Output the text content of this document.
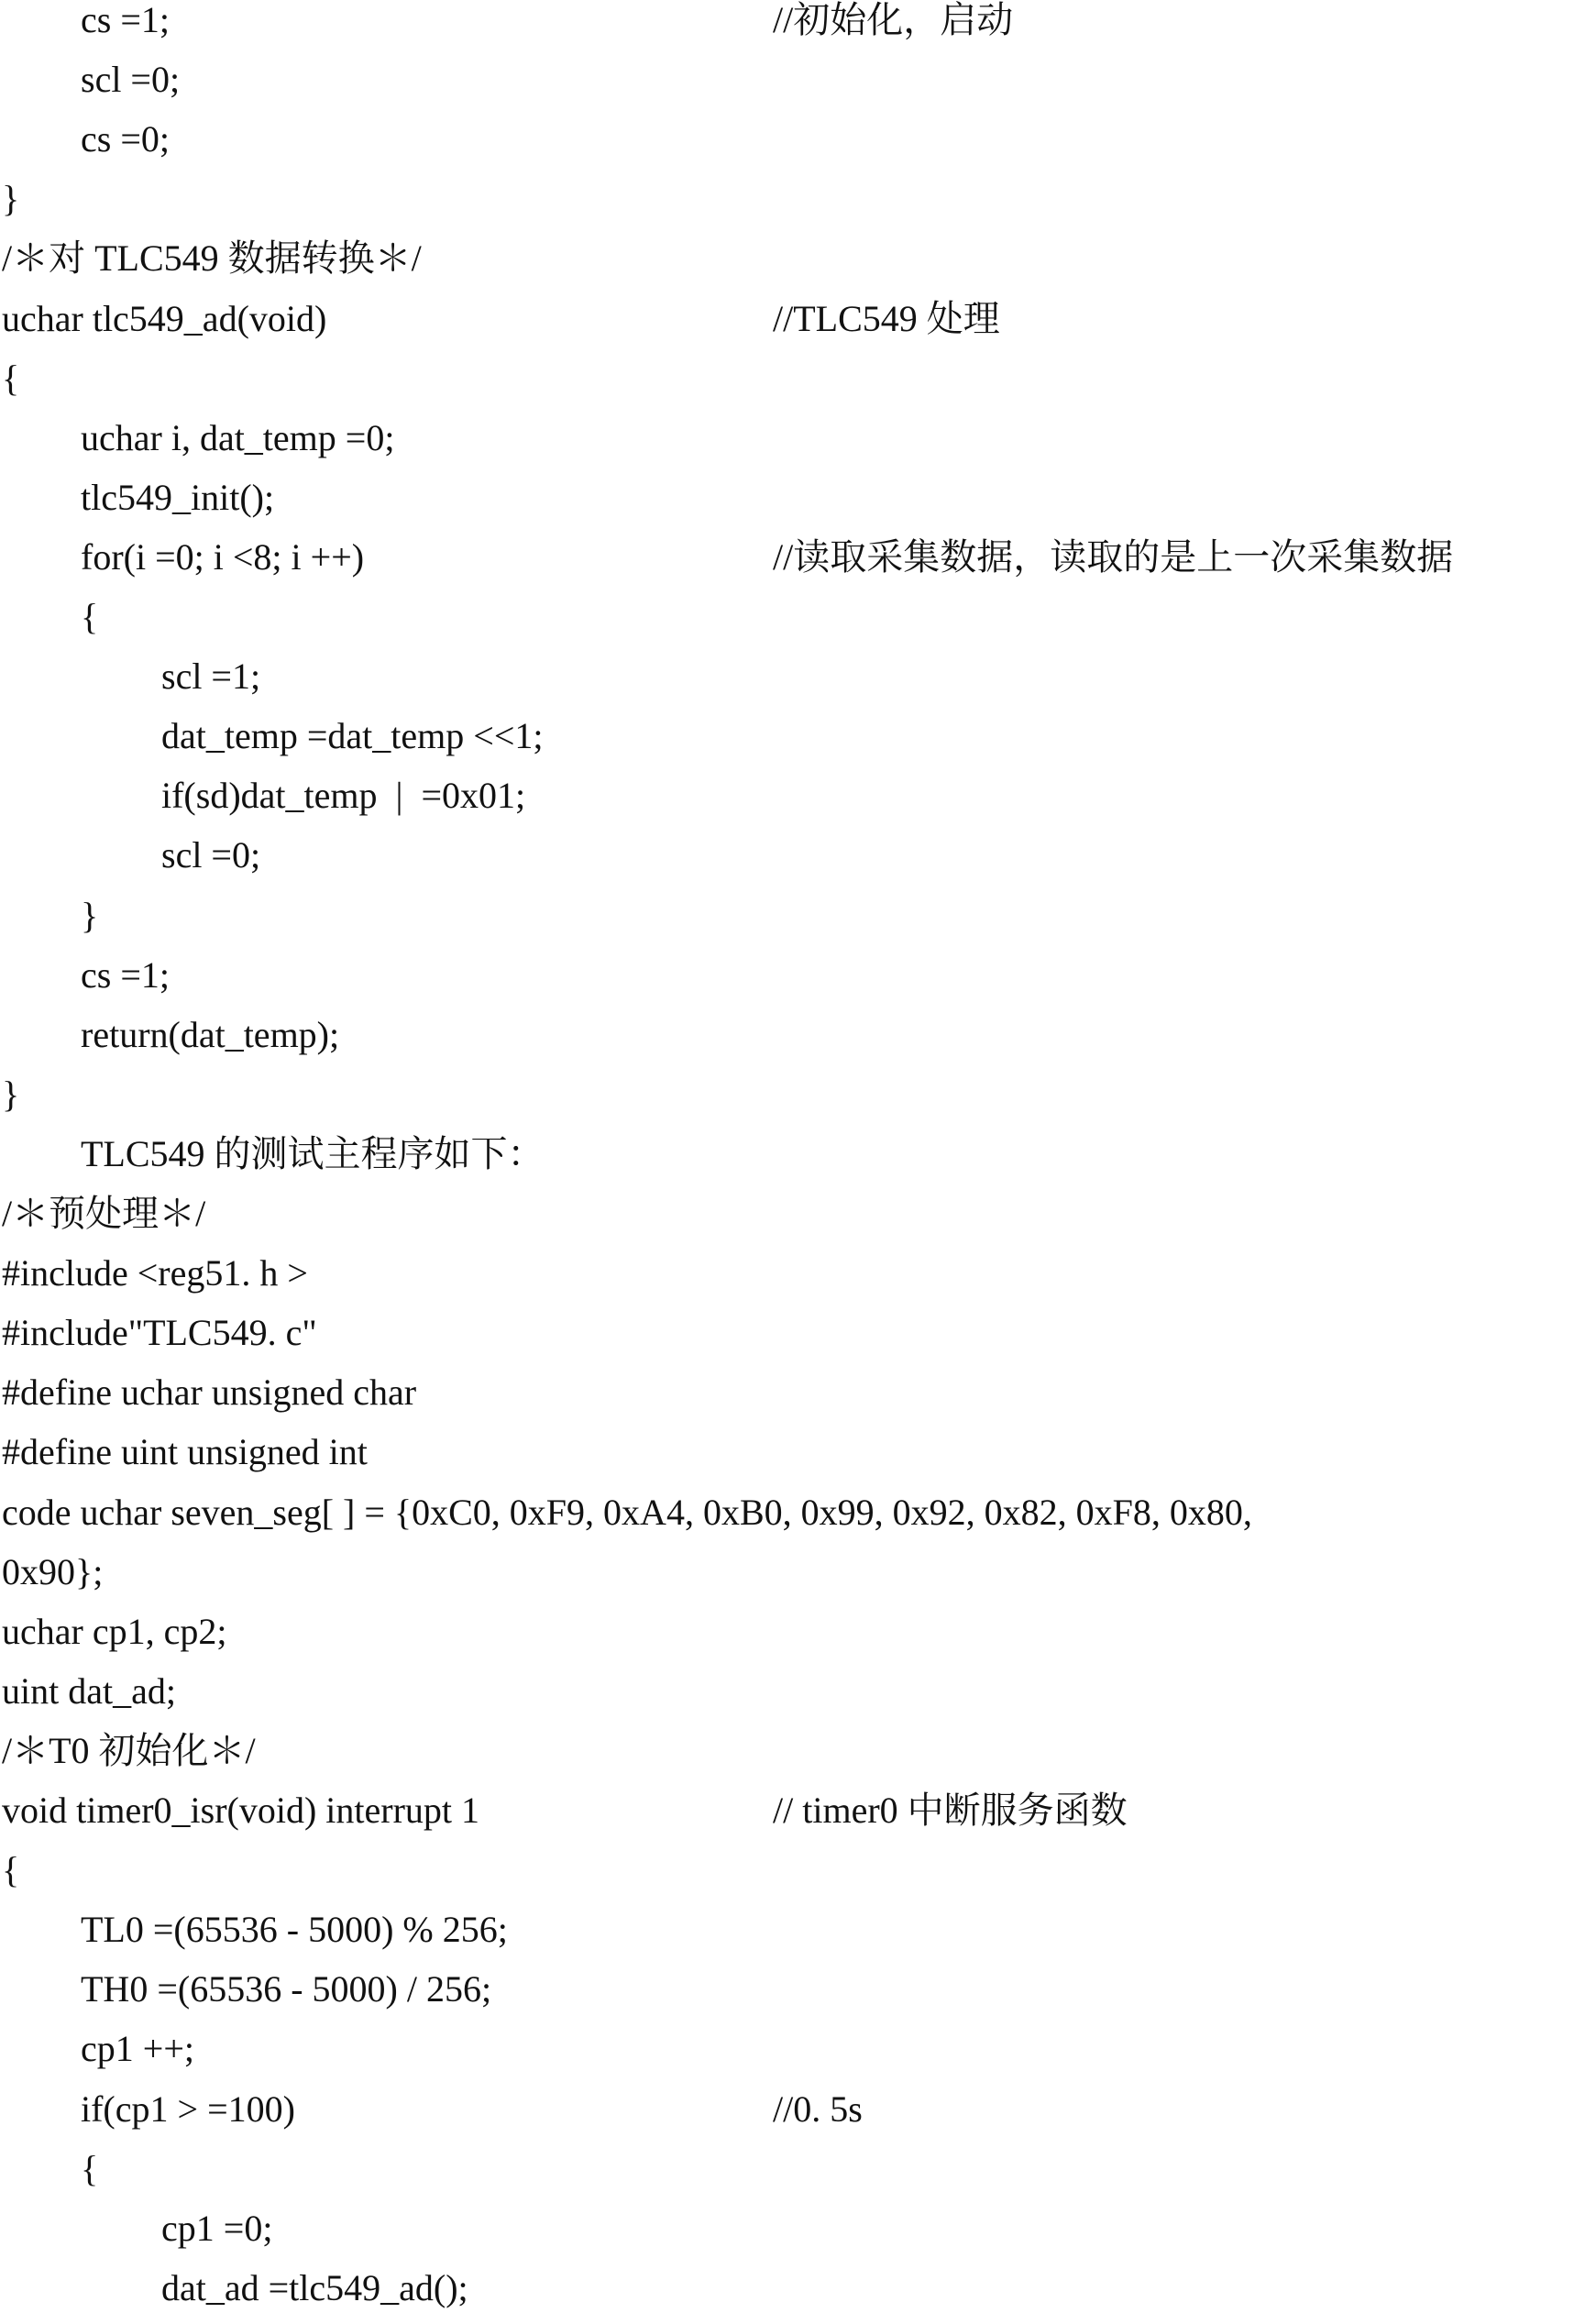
cs =1;	//初始化，启动
scl =0;
cs =0;
}
/＊对 TLC549 数据转换＊/
uchar tlc549_ad(void)	//TLC549 处理
{
uchar i, dat_temp =0;
tlc549_init();
for(i =0; i <8; i ++)	//读取采集数据，读取的是上一次采集数据
{
scl =1;
dat_temp =dat_temp <<1;
if(sd)dat_temp  |  =0x01;
scl =0;
}
cs =1;
return(dat_temp);
}
TLC549 的测试主程序如下：
/＊预处理＊/
#include <reg51. h >
#include"TLC549. c"
#define uchar unsigned char
#define uint unsigned int
code uchar seven_seg[ ] = {0xC0, 0xF9, 0xA4, 0xB0, 0x99, 0x92, 0x82, 0xF8, 0x80,
0x90};
uchar cp1, cp2;
uint dat_ad;
/＊T0 初始化＊/
void timer0_isr(void) interrupt 1	// timer0 中断服务函数
{
TL0 =(65536 - 5000) % 256;
TH0 =(65536 - 5000) / 256;
cp1 ++;
if(cp1 > =100)	//0. 5s
{
cp1 =0;
dat_ad =tlc549_ad();
